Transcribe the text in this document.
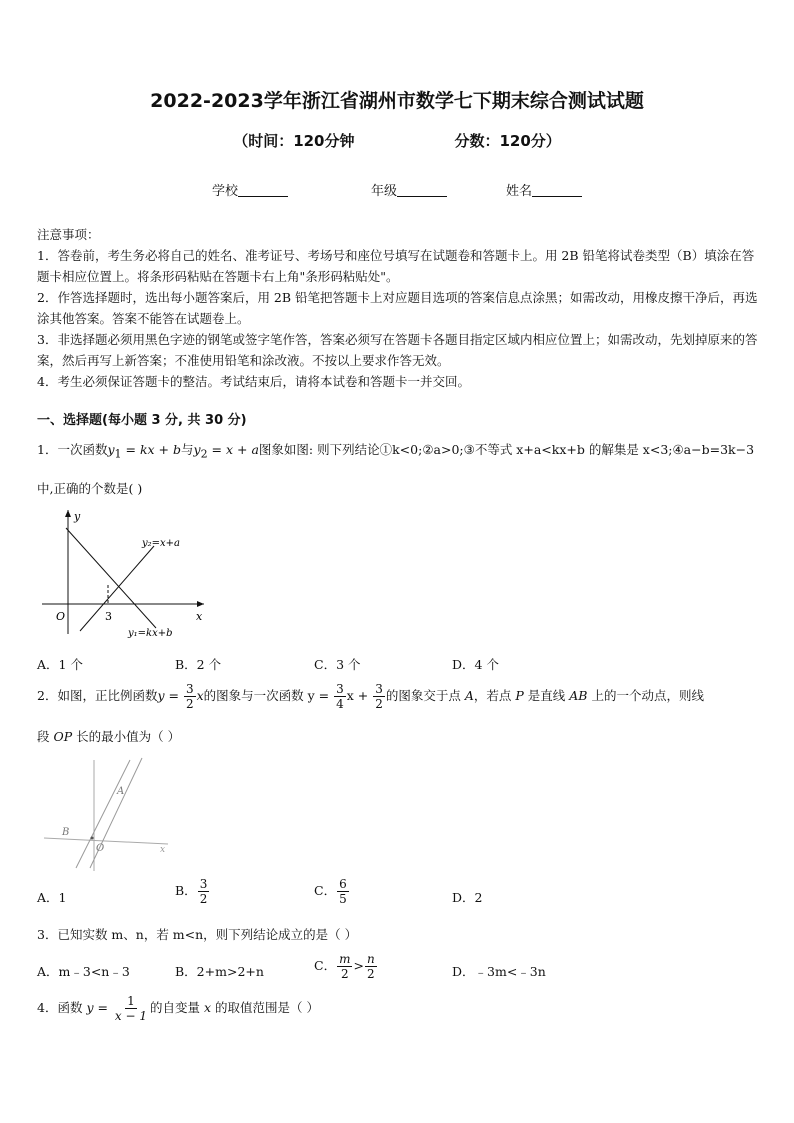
2022-2023学年浙江省湖州市数学七下期末综合测试试题
（时间：120分钟	分数：120分）
学校	年级	姓名

注意事项：

1．答卷前，考生务必将自己的姓名、准考证号、考场号和座位号填写在试题卷和答题卡上。用 2B 铅笔将试卷类型（B）填涂在答题卡相应位置上。将条形码粘贴在答题卡右上角"条形码粘贴处"。

2．作答选择题时，选出每小题答案后，用 2B 铅笔把答题卡上对应题目选项的答案信息点涂黑；如需改动，用橡皮擦干净后，再选涂其他答案。答案不能答在试题卷上。

3．非选择题必须用黑色字迹的钢笔或签字笔作答，答案必须写在答题卡各题目指定区域内相应位置上；如需改动，先划掉原来的答案，然后再写上新答案；不准使用铅笔和涂改液。不按以上要求作答无效。

4．考生必须保证答题卡的整洁。考试结束后，请将本试卷和答题卡一并交回。

一、选择题(每小题 3 分, 共 30 分)
1．一次函数$y_1$ = kx + b与$y_2 = x + a$图象如图: 则下列结论①k<0;②a>0;③不等式 x+a<kx+b 的解集是 x<3;④a−b=3k−3
中,正确的个数是( )
y
x
O	3
y₂=x+a
y₁=kx+b
A．1 个	B．2 个	C．3 个	D．4 个
2．如图，正比例函数$y = \frac{3}{2}$ x的图象与一次函数 $y = \frac{3}{4}$ $x + \frac{3}{2}$ 的图象交于点 A，若点 P 是直线 AB 上的一个动点，则线
段 OP 长的最小值为（ ）
B
A
O	x
A．1	B． $\frac{3}{2}$	C． $\frac{6}{5}$	D．2
3．已知实数 m、n，若 m<n，则下列结论成立的是（ ）
A．m﹣3<n﹣3	B．2+m>2+n	C． $\frac{m}{2} > \frac{n}{2}$	D．﹣3m<﹣3n
4．函数 $y = \frac{1}{x - 1}$ 的自变量 x 的取值范围是（ ）
